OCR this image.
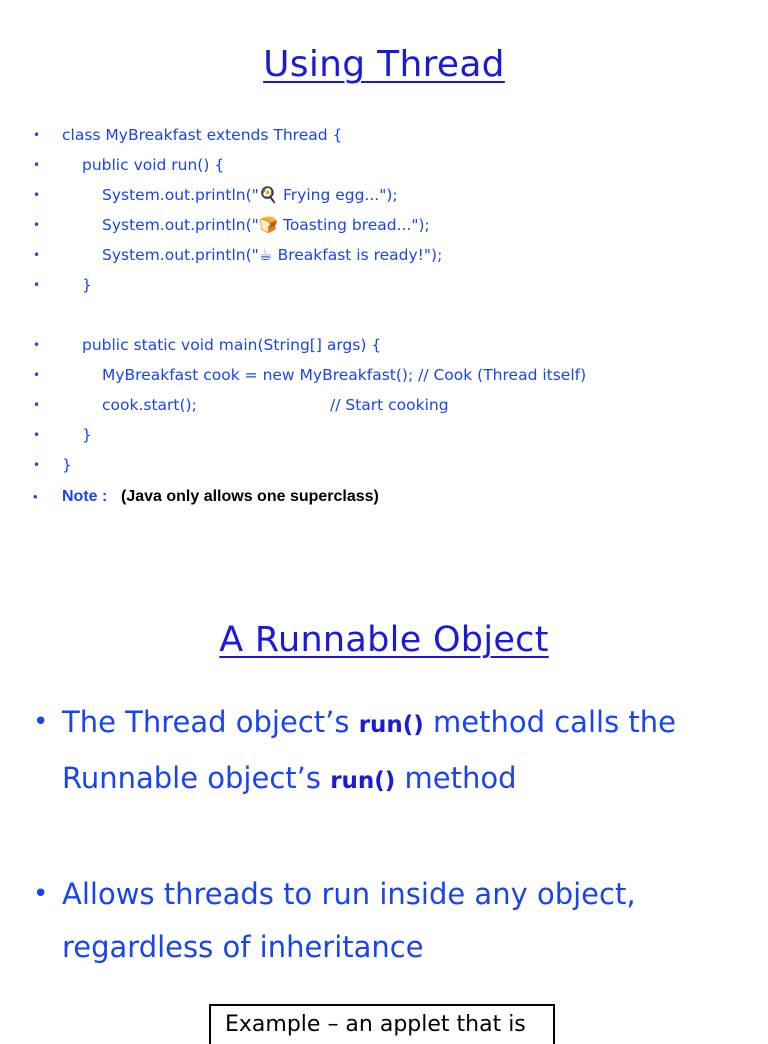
Using Thread

•

class MyBreakfast extends Thread {

•

	public void run() {

•

	System.out.println("🍳 Frying egg...");

•

	System.out.println("🍞 Toasting bread...");

•

	System.out.println("☕ Breakfast is ready!");

•

	}

•

	public static void main(String[] args) {

•

	MyBreakfast cook = new MyBreakfast(); // Cook (Thread itself)

•

	cook.start();

	// Start cooking

•

	}

•

}

• Note : (Java only allows one superclass)
A Runnable Object
• The Thread object’s run() method calls the Runnable object’s run() method
• Allows threads to run inside any object, regardless of inheritance
Example – an applet that is
